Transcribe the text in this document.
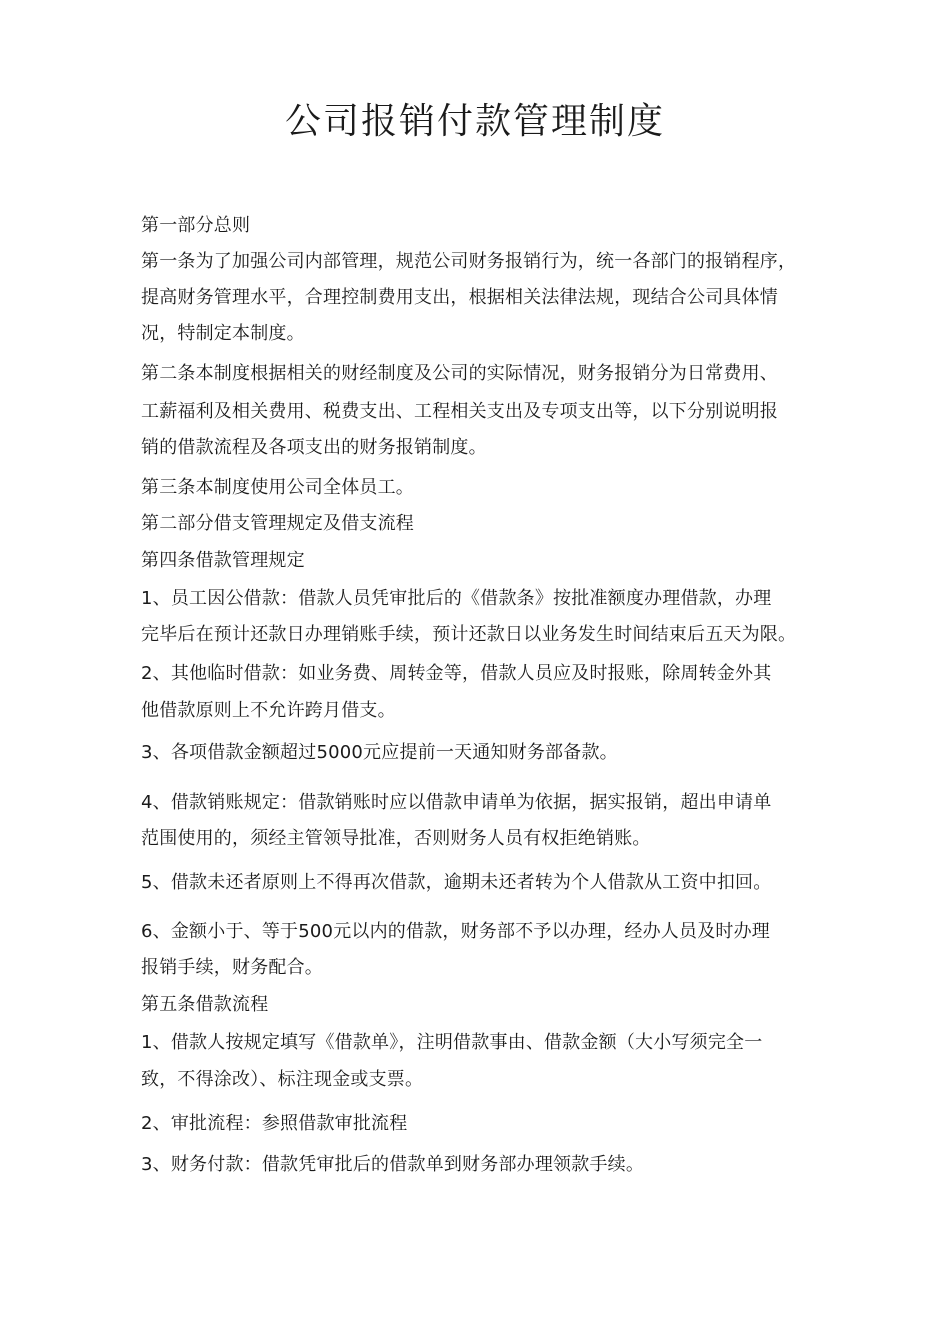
公司报销付款管理制度
第一部分总则
第一条为了加强公司内部管理，规范公司财务报销行为，统一各部门的报销程序，
提高财务管理水平，合理控制费用支出，根据相关法律法规，现结合公司具体情
况，特制定本制度。
第二条本制度根据相关的财经制度及公司的实际情况，财务报销分为日常费用、
工薪福利及相关费用、税费支出、工程相关支出及专项支出等，以下分别说明报
销的借款流程及各项支出的财务报销制度。
第三条本制度使用公司全体员工。
第二部分借支管理规定及借支流程
第四条借款管理规定
1、员工因公借款：借款人员凭审批后的《借款条》按批准额度办理借款，办理
完毕后在预计还款日办理销账手续，预计还款日以业务发生时间结束后五天为限。
2、其他临时借款：如业务费、周转金等，借款人员应及时报账，除周转金外其
他借款原则上不允许跨月借支。
3、各项借款金额超过5000元应提前一天通知财务部备款。
4、借款销账规定：借款销账时应以借款申请单为依据，据实报销，超出申请单
范围使用的，须经主管领导批准，否则财务人员有权拒绝销账。
5、借款未还者原则上不得再次借款，逾期未还者转为个人借款从工资中扣回。
6、金额小于、等于500元以内的借款，财务部不予以办理，经办人员及时办理
报销手续，财务配合。
第五条借款流程
1、借款人按规定填写《借款单》，注明借款事由、借款金额（大小写须完全一
致，不得涂改）、标注现金或支票。
2、审批流程：参照借款审批流程
3、财务付款：借款凭审批后的借款单到财务部办理领款手续。
